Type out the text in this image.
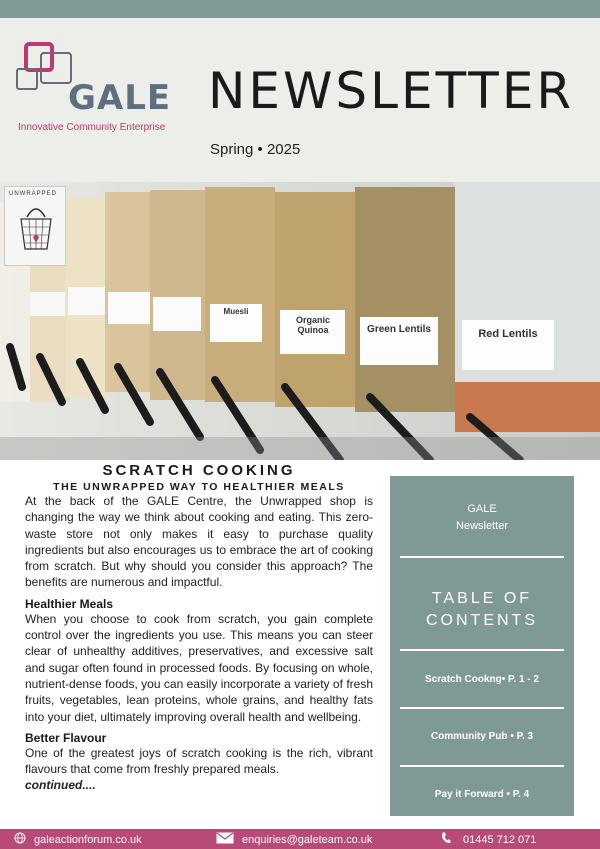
GALE
Innovative Community Enterprise
NEWSLETTER
Spring • 2025
UNWRAPPED
Muesli
Organic Quinoa	Green Lentils	Red Lentils
SCRATCH COOKING
THE UNWRAPPED WAY TO HEALTHIER MEALS

At the back of the GALE Centre, the Unwrapped shop is changing the way we think about cooking and eating. This zero-waste store not only makes it easy to purchase quality ingredients but also encourages us to embrace the art of cooking from scratch. But why should you consider this approach? The benefits are numerous and impactful.

Healthier Meals

When you choose to cook from scratch, you gain complete control over the ingredients you use. This means you can steer clear of unhealthy additives, preservatives, and excessive salt and sugar often found in processed foods. By focusing on whole, nutrient-dense foods, you can easily incorporate a variety of fresh fruits, vegetables, lean proteins, whole grains, and healthy fats into your diet, ultimately improving overall health and wellbeing.

Better Flavour

One of the greatest joys of scratch cooking is the rich, vibrant flavours that come from freshly prepared meals.

continued....
GALE
Newsletter
TABLE OF CONTENTS
Scratch Cookng• P. 1 - 2
Community Pub • P. 3
Pay it Forward • P. 4
galeactionforum.co.uk	enquiries@galeteam.co.uk	01445 712 071
